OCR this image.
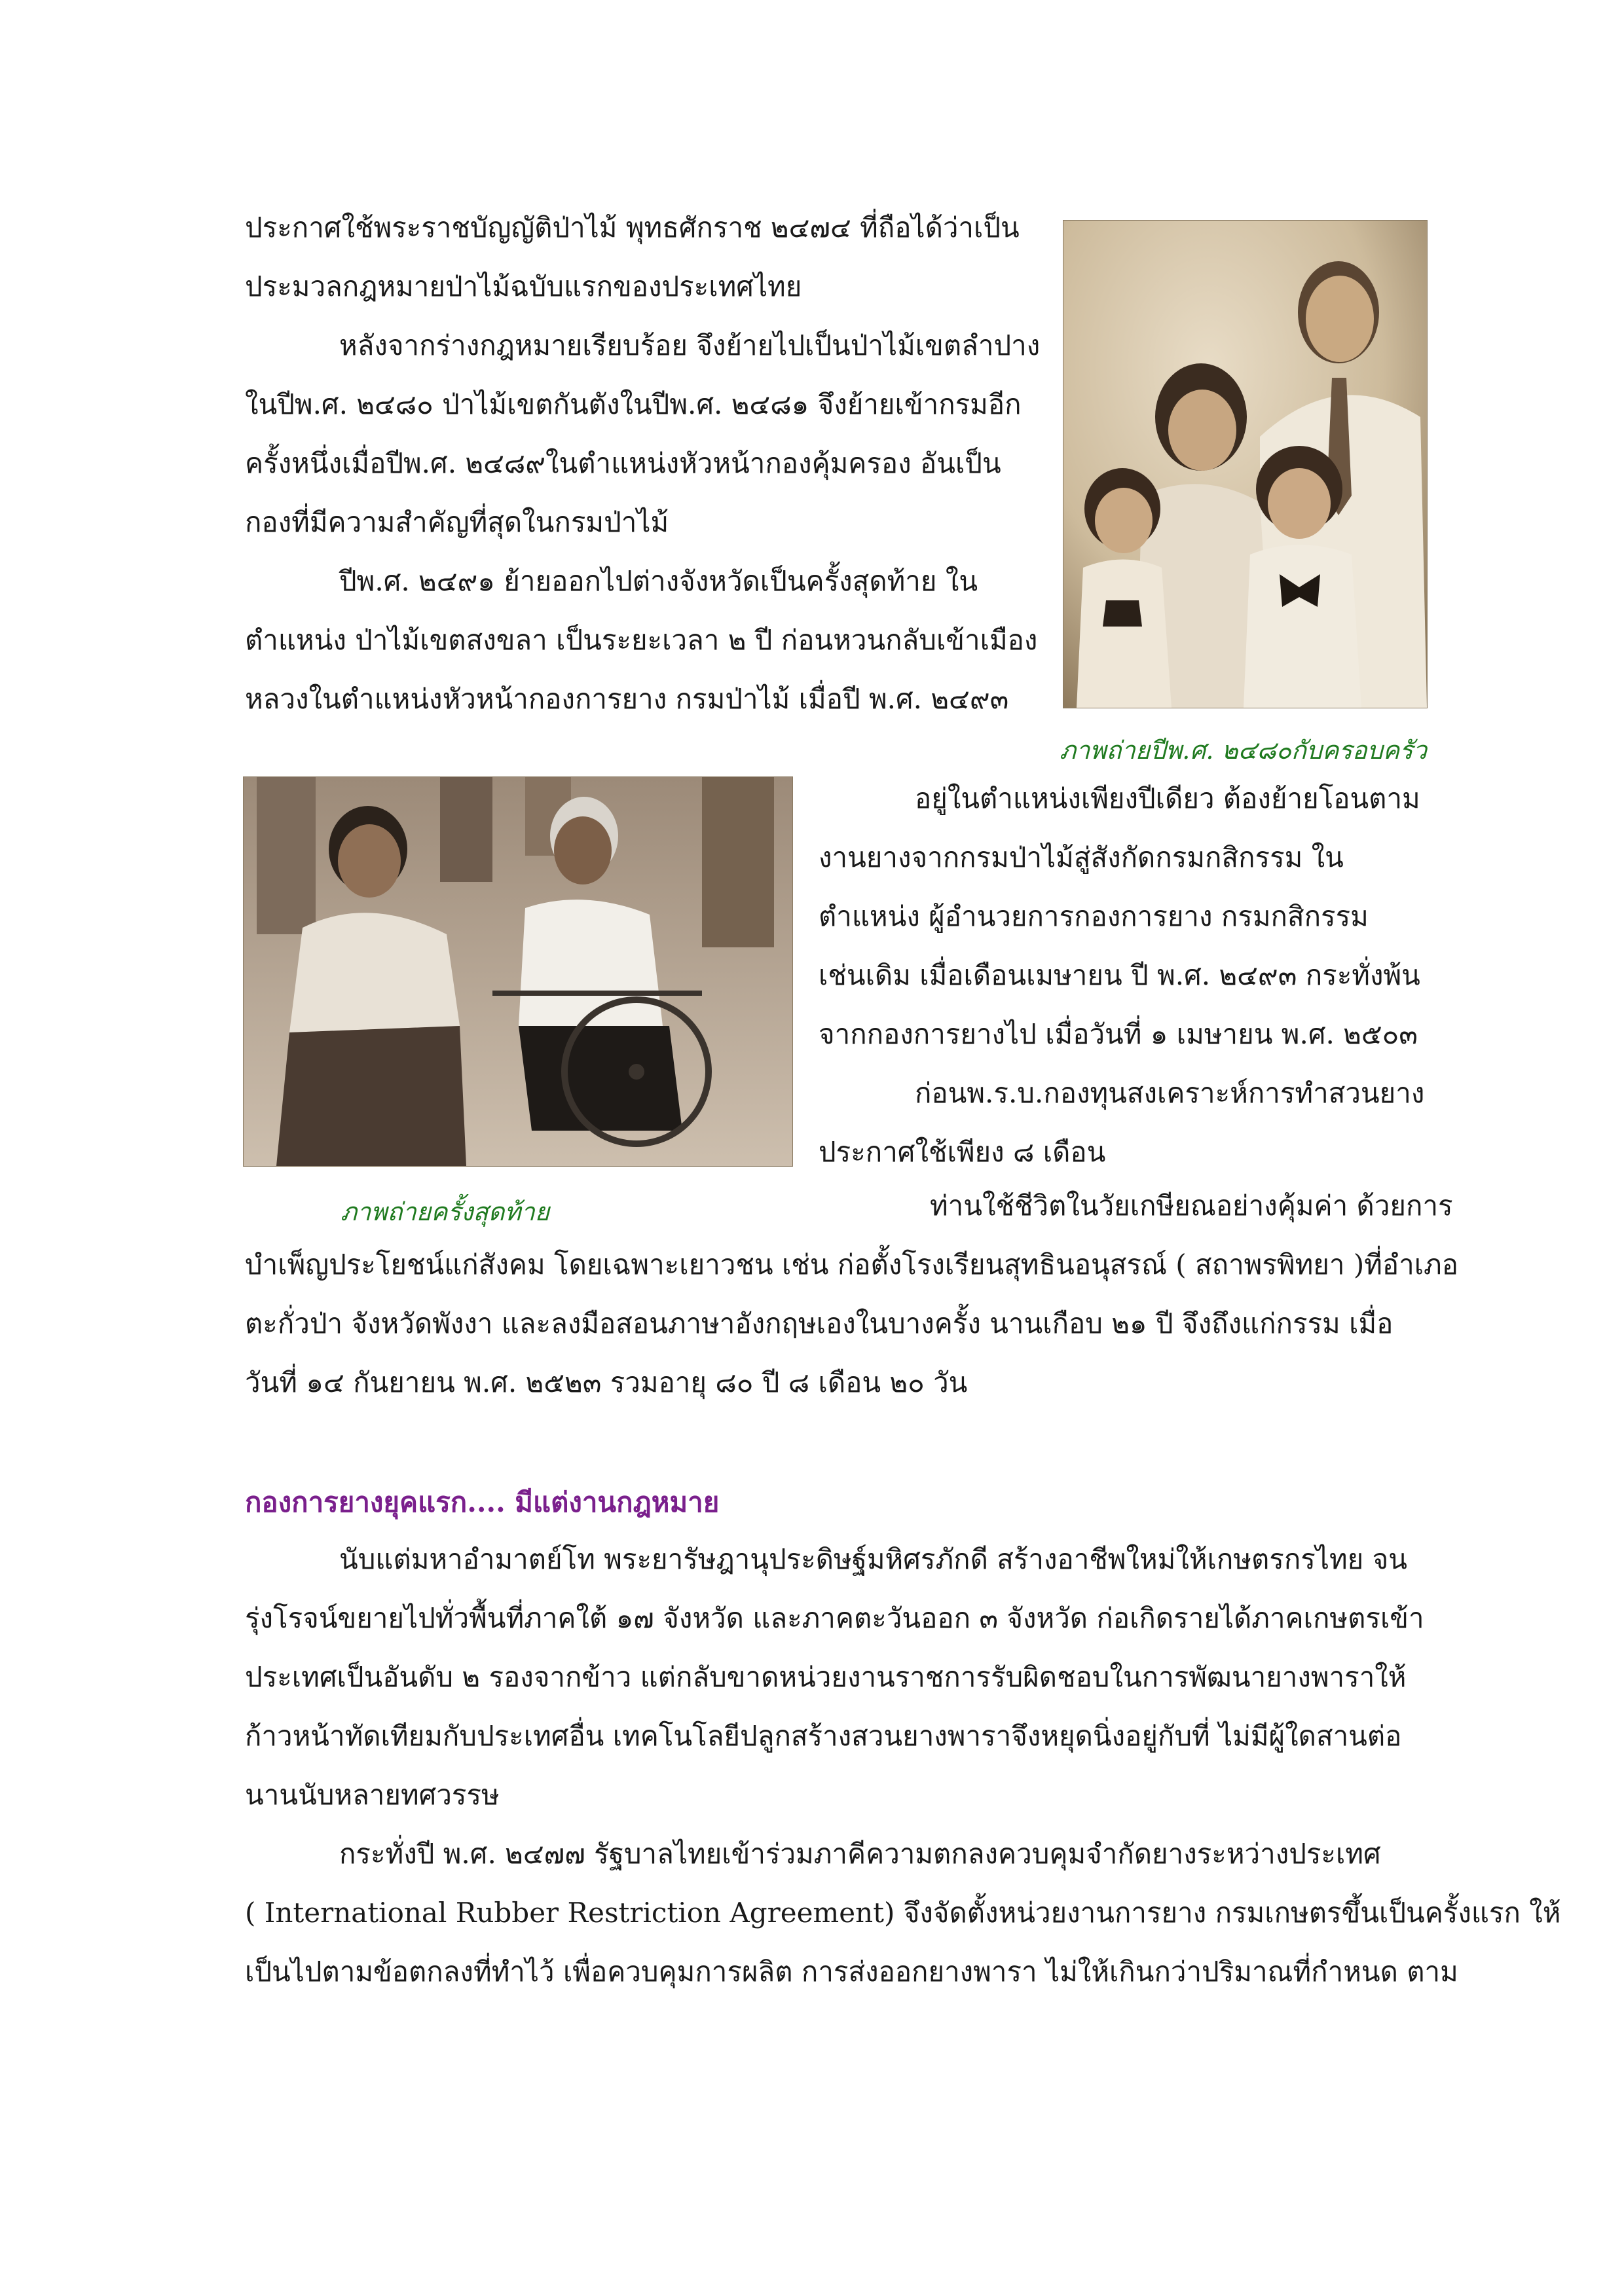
ประกาศใช้พระราชบัญญัติป่าไม้ พุทธศักราช ๒๔๗๔ ที่ถือได้ว่าเป็น
ประมวลกฎหมายป่าไม้ฉบับแรกของประเทศไทย
หลังจากร่างกฎหมายเรียบร้อย จึงย้ายไปเป็นป่าไม้เขตลำปาง
ในปีพ.ศ. ๒๔๘๐ ป่าไม้เขตกันตังในปีพ.ศ. ๒๔๘๑ จึงย้ายเข้ากรมอีก
ครั้งหนึ่งเมื่อปีพ.ศ. ๒๔๘๙ในตำแหน่งหัวหน้ากองคุ้มครอง อันเป็น
กองที่มีความสำคัญที่สุดในกรมป่าไม้
ปีพ.ศ. ๒๔๙๑ ย้ายออกไปต่างจังหวัดเป็นครั้งสุดท้าย ใน
ตำแหน่ง ป่าไม้เขตสงขลา เป็นระยะเวลา ๒ ปี ก่อนหวนกลับเข้าเมือง
หลวงในตำแหน่งหัวหน้ากองการยาง กรมป่าไม้ เมื่อปี พ.ศ. ๒๔๙๓
ภาพถ่ายปีพ.ศ. ๒๔๘๐กับครอบครัว
อยู่ในตำแหน่งเพียงปีเดียว ต้องย้ายโอนตาม
งานยางจากกรมป่าไม้สู่สังกัดกรมกสิกรรม ใน
ตำแหน่ง ผู้อำนวยการกองการยาง กรมกสิกรรม
เช่นเดิม เมื่อเดือนเมษายน ปี พ.ศ. ๒๔๙๓ กระทั่งพ้น
จากกองการยางไป เมื่อวันที่ ๑ เมษายน พ.ศ. ๒๕๐๓
ก่อนพ.ร.บ.กองทุนสงเคราะห์การทำสวนยาง
ประกาศใช้เพียง ๘ เดือน
ภาพถ่ายครั้งสุดท้าย	ท่านใช้ชีวิตในวัยเกษียณอย่างคุ้มค่า ด้วยการ
บำเพ็ญประโยชน์แก่สังคม โดยเฉพาะเยาวชน เช่น ก่อตั้งโรงเรียนสุทธินอนุสรณ์ ( สถาพรพิทยา )ที่อำเภอ
ตะกั่วป่า จังหวัดพังงา และลงมือสอนภาษาอังกฤษเองในบางครั้ง นานเกือบ ๒๑ ปี จึงถึงแก่กรรม เมื่อ
วันที่ ๑๔ กันยายน พ.ศ. ๒๕๒๓ รวมอายุ ๘๐ ปี ๘ เดือน ๒๐ วัน
กองการยางยุคแรก.... มีแต่งานกฎหมาย
นับแต่มหาอำมาตย์โท พระยารัษฎานุประดิษฐ์มหิศรภักดี สร้างอาชีพใหม่ให้เกษตรกรไทย จน
รุ่งโรจน์ขยายไปทั่วพื้นที่ภาคใต้ ๑๗ จังหวัด และภาคตะวันออก ๓ จังหวัด ก่อเกิดรายได้ภาคเกษตรเข้า
ประเทศเป็นอันดับ ๒ รองจากข้าว แต่กลับขาดหน่วยงานราชการรับผิดชอบในการพัฒนายางพาราให้
ก้าวหน้าทัดเทียมกับประเทศอื่น เทคโนโลยีปลูกสร้างสวนยางพาราจึงหยุดนิ่งอยู่กับที่ ไม่มีผู้ใดสานต่อ
นานนับหลายทศวรรษ
กระทั่งปี พ.ศ. ๒๔๗๗ รัฐบาลไทยเข้าร่วมภาคีความตกลงควบคุมจำกัดยางระหว่างประเทศ
( International Rubber Restriction Agreement) จึงจัดตั้งหน่วยงานการยาง กรมเกษตรขึ้นเป็นครั้งแรก ให้
เป็นไปตามข้อตกลงที่ทำไว้ เพื่อควบคุมการผลิต การส่งออกยางพารา ไม่ให้เกินกว่าปริมาณที่กำหนด ตาม
